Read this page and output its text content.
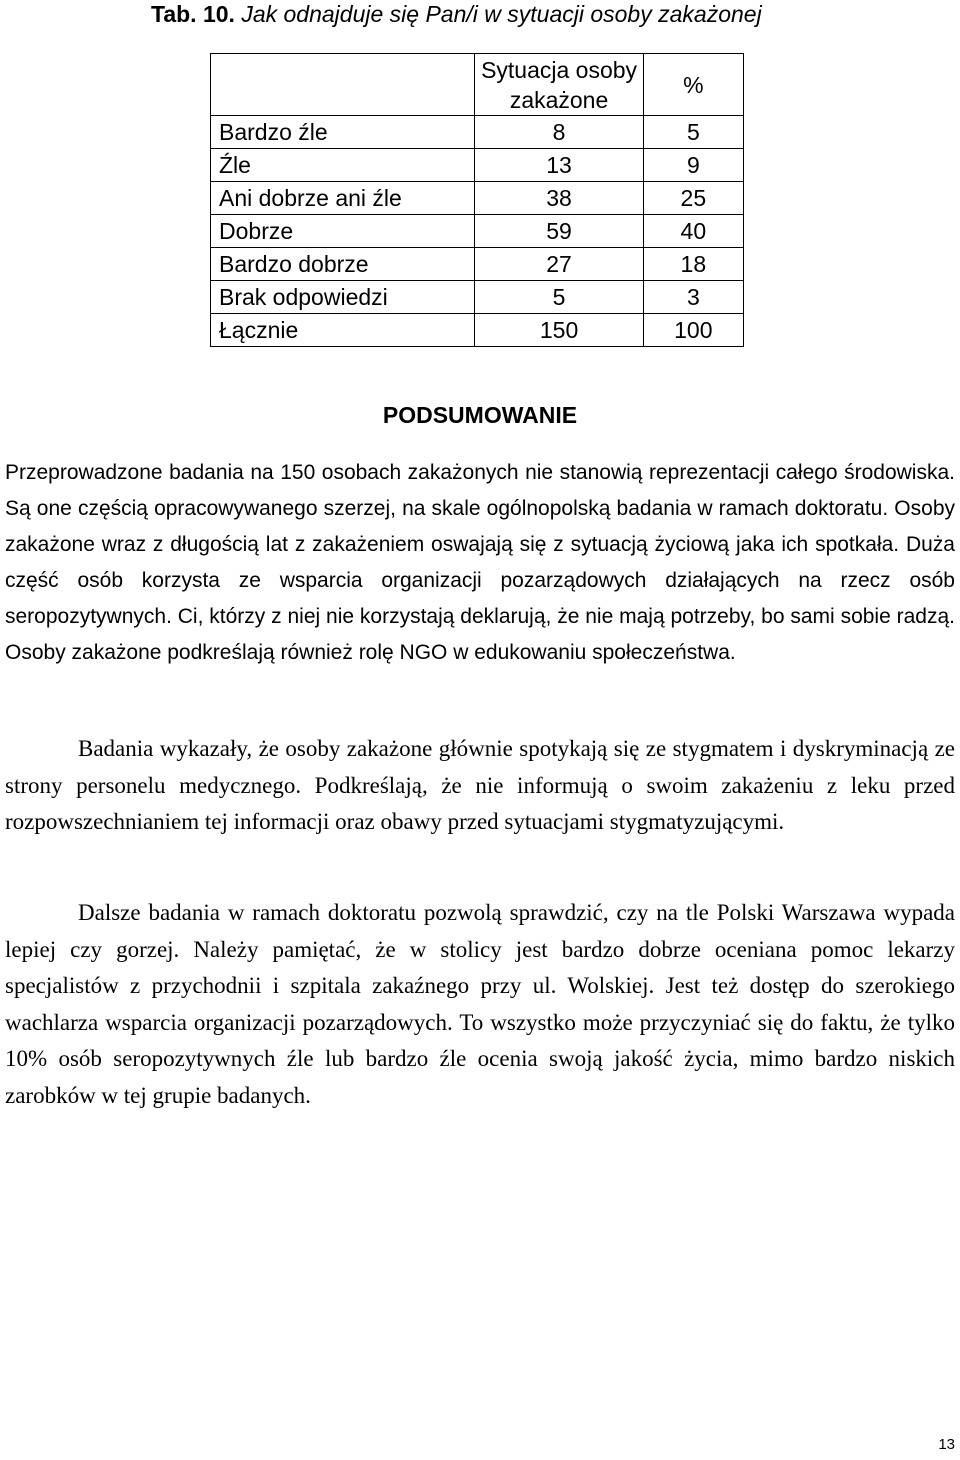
Tab. 10. Jak odnajduje się Pan/i w sytuacji osoby zakażonej
	Sytuacja osoby zakażone	%
Bardzo źle	8	5
Źle	13	9
Ani dobrze ani źle	38	25
Dobrze	59	40
Bardzo dobrze	27	18
Brak odpowiedzi	5	3
Łącznie	150	100
PODSUMOWANIE

Przeprowadzone badania na 150 osobach zakażonych nie stanowią reprezentacji całego środowiska. Są one częścią opracowywanego szerzej, na skale ogólnopolską badania w ramach doktoratu. Osoby zakażone wraz z długością lat z zakażeniem oswajają się z sytuacją życiową jaka ich spotkała. Duża część osób korzysta ze wsparcia organizacji pozarządowych działających na rzecz osób seropozytywnych. Ci, którzy z niej nie korzystają deklarują, że nie mają potrzeby, bo sami sobie radzą. Osoby zakażone podkreślają również rolę NGO w edukowaniu społeczeństwa.

Badania wykazały, że osoby zakażone głównie spotykają się ze stygmatem i dyskryminacją ze strony personelu medycznego. Podkreślają, że nie informują o swoim zakażeniu z leku przed rozpowszechnianiem tej informacji oraz obawy przed sytuacjami stygmatyzującymi.

Dalsze badania w ramach doktoratu pozwolą sprawdzić, czy na tle Polski Warszawa wypada lepiej czy gorzej. Należy pamiętać, że w stolicy jest bardzo dobrze oceniana pomoc lekarzy specjalistów z przychodnii i szpitala zakaźnego przy ul. Wolskiej. Jest też dostęp do szerokiego wachlarza wsparcia organizacji pozarządowych. To wszystko może przyczyniać się do faktu, że tylko 10% osób seropozytywnych źle lub bardzo źle ocenia swoją jakość życia, mimo bardzo niskich zarobków w tej grupie badanych.

13
